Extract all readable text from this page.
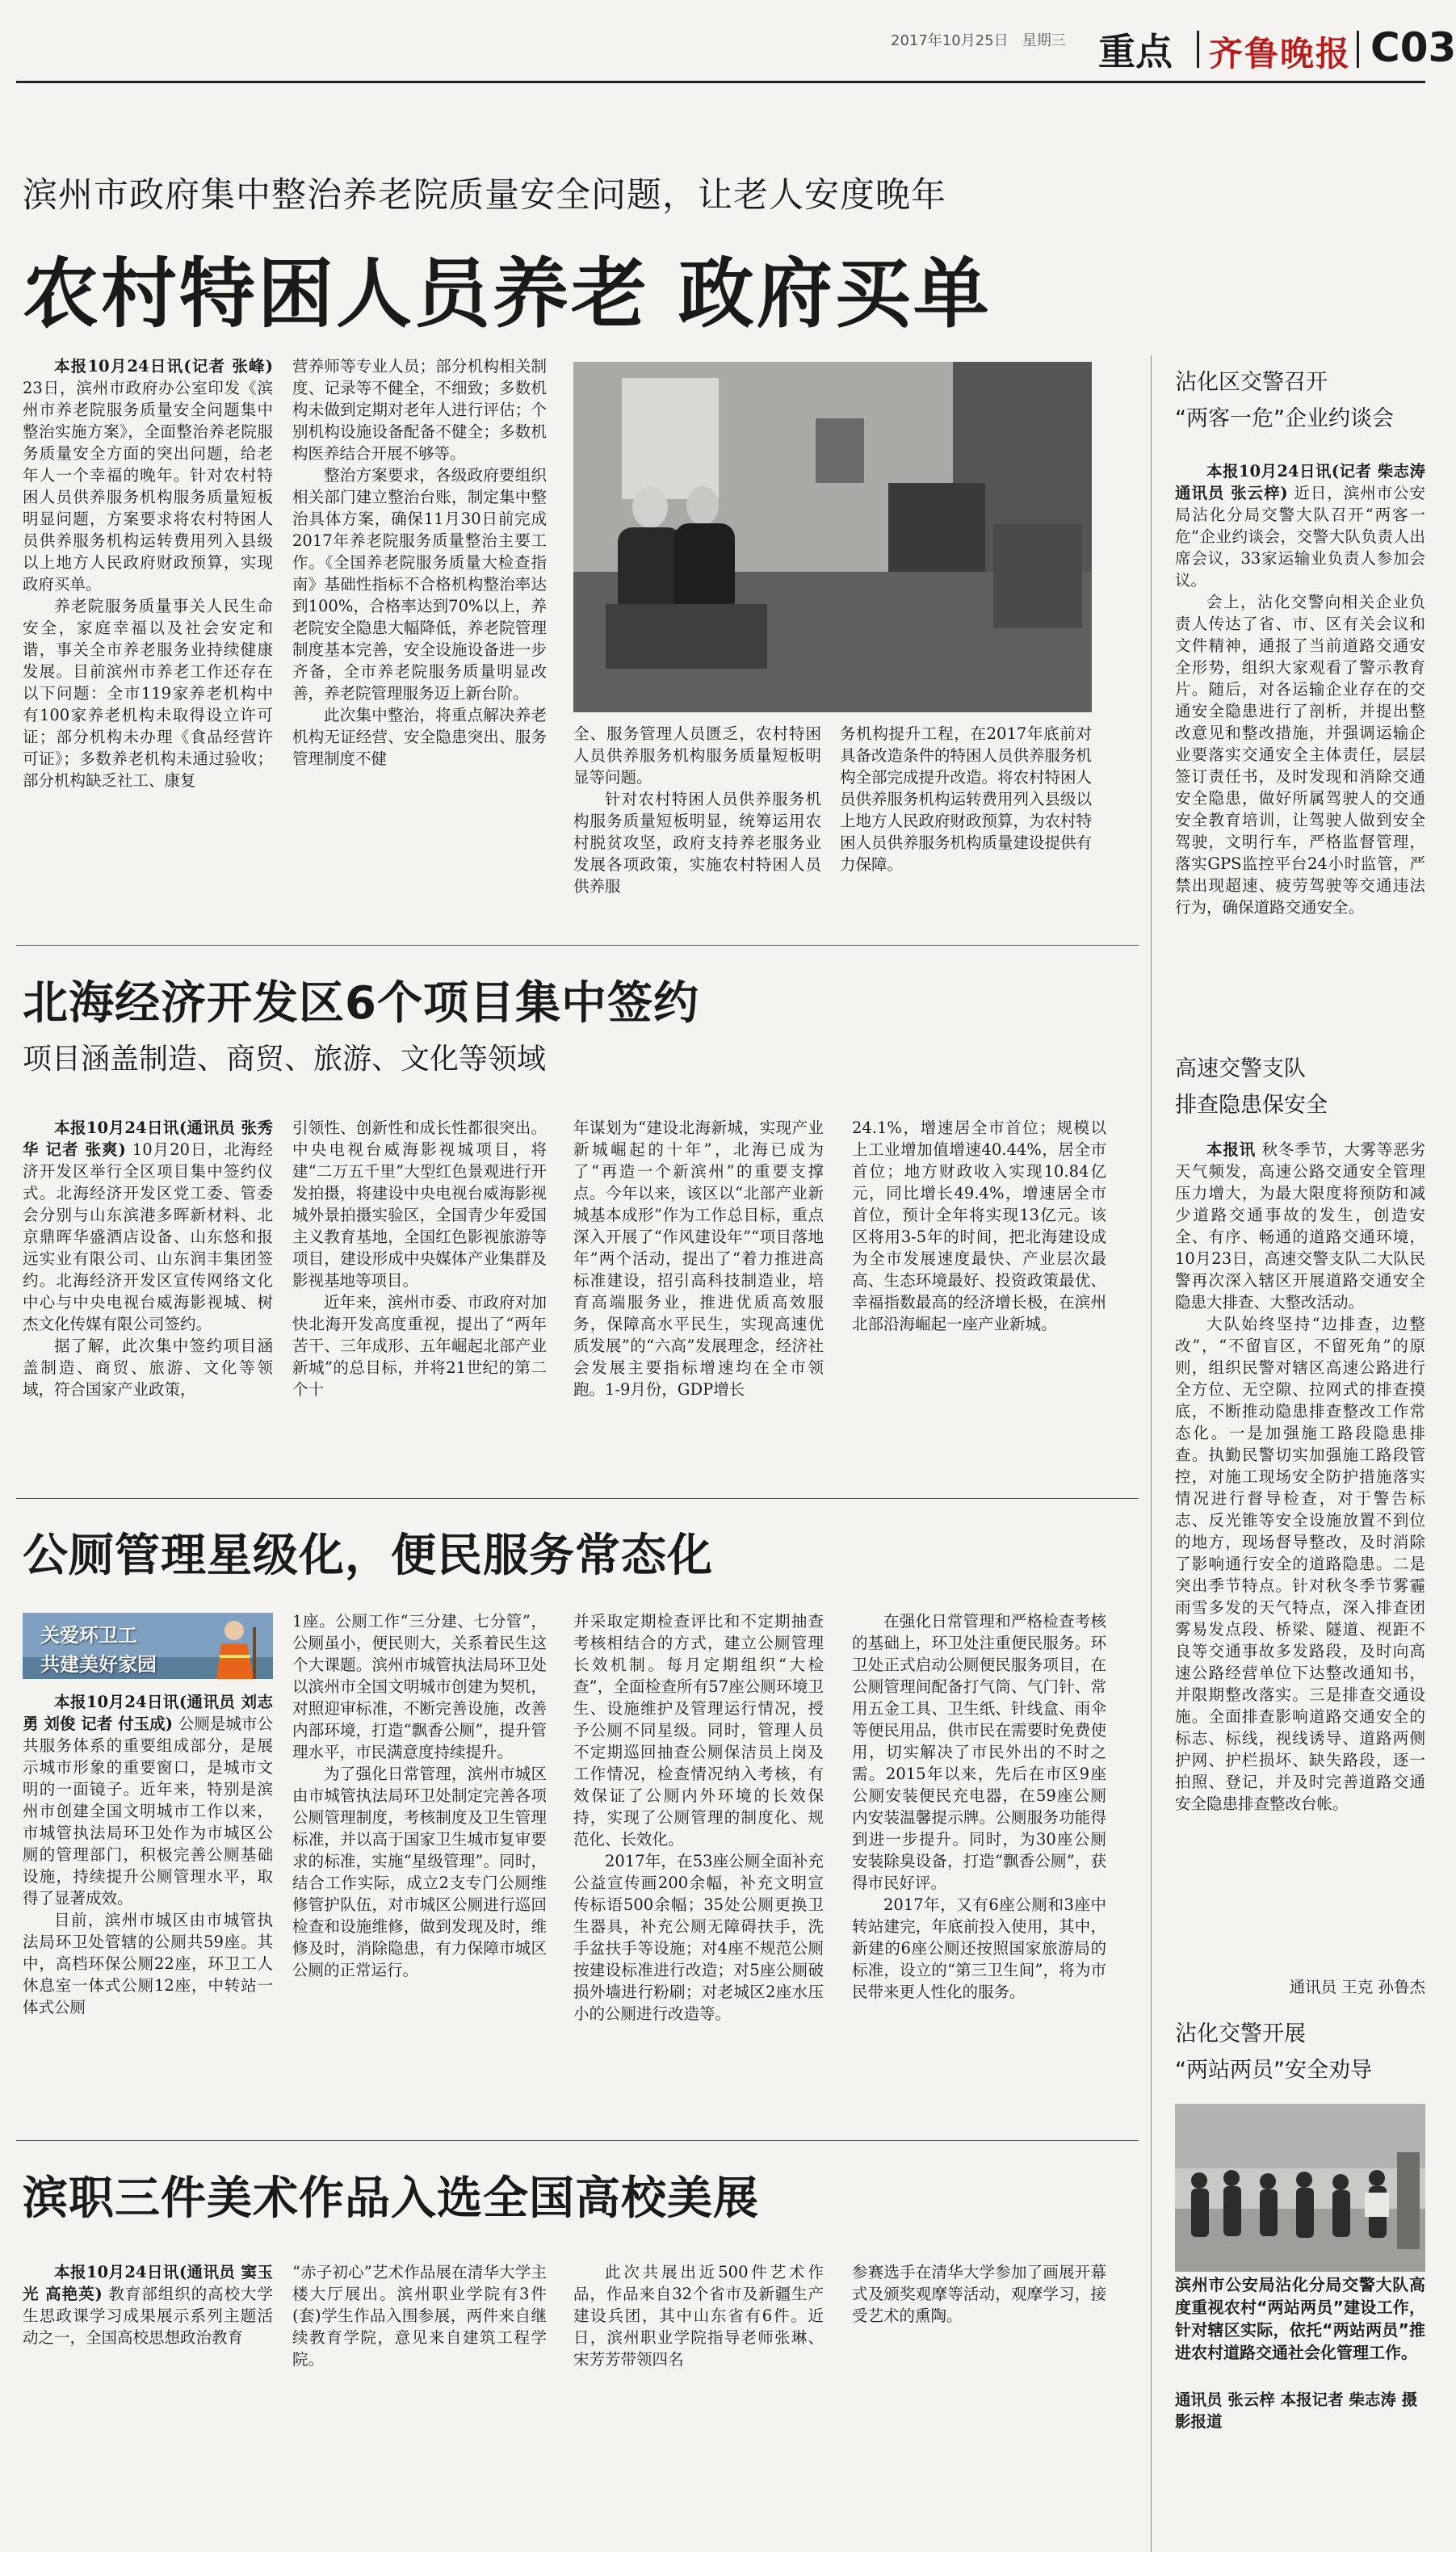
2017年10月25日 星期三 重点 齐鲁晚报 C03
滨州市政府集中整治养老院质量安全问题，让老人安度晚年
农村特困人员养老 政府买单

本报10月24日讯(记者 张峰) 23日，滨州市政府办公室印发《滨州市养老院服务质量安全问题集中整治实施方案》，全面整治养老院服务质量安全方面的突出问题，给老年人一个幸福的晚年。针对农村特困人员供养服务机构服务质量短板明显问题，方案要求将农村特困人员供养服务机构运转费用列入县级以上地方人民政府财政预算，实现政府买单。

养老院服务质量事关人民生命安全，家庭幸福以及社会安定和谐，事关全市养老服务业持续健康发展。目前滨州市养老工作还存在以下问题：全市119家养老机构中有100家养老机构未取得设立许可证；部分机构未办理《食品经营许可证》；多数养老机构未通过验收；部分机构缺乏社工、康复

营养师等专业人员；部分机构相关制度、记录等不健全，不细致；多数机构未做到定期对老年人进行评估；个别机构设施设备配备不健全；多数机构医养结合开展不够等。

整治方案要求，各级政府要组织相关部门建立整治台账，制定集中整治具体方案，确保11月30日前完成2017年养老院服务质量整治主要工作。《全国养老院服务质量大检查指南》基础性指标不合格机构整治率达到100%，合格率达到70%以上，养老院安全隐患大幅降低，养老院管理制度基本完善，安全设施设备进一步齐备，全市养老院服务质量明显改善，养老院管理服务迈上新台阶。

此次集中整治，将重点解决养老机构无证经营、安全隐患突出、服务管理制度不健

全、服务管理人员匮乏，农村特困人员供养服务机构服务质量短板明显等问题。

针对农村特困人员供养服务机构服务质量短板明显，统筹运用农村脱贫攻坚，政府支持养老服务业发展各项政策，实施农村特困人员供养服

务机构提升工程，在2017年底前对具备改造条件的特困人员供养服务机构全部完成提升改造。将农村特困人员供养服务机构运转费用列入县级以上地方人民政府财政预算，为农村特困人员供养服务机构质量建设提供有力保障。

沾化区交警召开
“两客一危”企业约谈会

本报10月24日讯(记者 柴志涛 通讯员 张云梓) 近日，滨州市公安局沾化分局交警大队召开“两客一危”企业约谈会，交警大队负责人出席会议，33家运输业负责人参加会议。

会上，沾化交警向相关企业负责人传达了省、市、区有关会议和文件精神，通报了当前道路交通安全形势，组织大家观看了警示教育片。随后，对各运输企业存在的交通安全隐患进行了剖析，并提出整改意见和整改措施，并强调运输企业要落实交通安全主体责任，层层签订责任书，及时发现和消除交通安全隐患，做好所属驾驶人的交通安全教育培训，让驾驶人做到安全驾驶，文明行车，严格监督管理，落实GPS监控平台24小时监管，严禁出现超速、疲劳驾驶等交通违法行为，确保道路交通安全。

高速交警支队
排查隐患保安全

本报讯 秋冬季节，大雾等恶劣天气频发，高速公路交通安全管理压力增大，为最大限度将预防和减少道路交通事故的发生，创造安全、有序、畅通的道路交通环境，10月23日，高速交警支队二大队民警再次深入辖区开展道路交通安全隐患大排查、大整改活动。

大队始终坚持“边排查，边整改”，“不留盲区，不留死角”的原则，组织民警对辖区高速公路进行全方位、无空隙、拉网式的排查摸底，不断推动隐患排查整改工作常态化。一是加强施工路段隐患排查。执勤民警切实加强施工路段管控，对施工现场安全防护措施落实情况进行督导检查，对于警告标志、反光锥等安全设施放置不到位的地方，现场督导整改，及时消除了影响通行安全的道路隐患。二是突出季节特点。针对秋冬季节雾霾雨雪多发的天气特点，深入排查团雾易发点段、桥梁、隧道、视距不良等交通事故多发路段，及时向高速公路经营单位下达整改通知书，并限期整改落实。三是排查交通设施。全面排查影响道路交通安全的标志、标线，视线诱导、道路两侧护网、护栏损坏、缺失路段，逐一拍照、登记，并及时完善道路交通安全隐患排查整改台帐。

通讯员 王克 孙鲁杰
沾化交警开展
“两站两员”安全劝导
滨州市公安局沾化分局交警大队高度重视农村“两站两员”建设工作，针对辖区实际，依托“两站两员”推进农村道路交通社会化管理工作。
通讯员 张云梓 本报记者 柴志涛 摄影报道
北海经济开发区6个项目集中签约
项目涵盖制造、商贸、旅游、文化等领域

本报10月24日讯(通讯员 张秀华 记者 张爽) 10月20日，北海经济开发区举行全区项目集中签约仪式。北海经济开发区党工委、管委会分别与山东滨港多晖新材料、北京鼎晖华盛酒店设备、山东悠和报远实业有限公司、山东润丰集团签约。北海经济开发区宣传网络文化中心与中央电视台威海影视城、树杰文化传媒有限公司签约。

据了解，此次集中签约项目涵盖制造、商贸、旅游、文化等领域，符合国家产业政策，

引领性、创新性和成长性都很突出。中央电视台威海影视城项目，将建“二万五千里”大型红色景观进行开发拍摄，将建设中央电视台威海影视城外景拍摄实验区，全国青少年爱国主义教育基地，全国红色影视旅游等项目，建设形成中央媒体产业集群及影视基地等项目。

近年来，滨州市委、市政府对加快北海开发高度重视，提出了“两年苦干、三年成形、五年崛起北部产业新城”的总目标，并将21世纪的第二个十

年谋划为“建设北海新城，实现产业新城崛起的十年”，北海已成为了“再造一个新滨州”的重要支撑点。今年以来，该区以“北部产业新城基本成形”作为工作总目标，重点深入开展了“作风建设年”“项目落地年”两个活动，提出了“着力推进高标准建设，招引高科技制造业，培育高端服务业，推进优质高效服务，保障高水平民生，实现高速优质发展”的“六高”发展理念，经济社会发展主要指标增速均在全市领跑。1-9月份，GDP增长

24.1%，增速居全市首位；规模以上工业增加值增速40.44%，居全市首位；地方财政收入实现10.84亿元，同比增长49.4%，增速居全市首位，预计全年将实现13亿元。该区将用3-5年的时间，把北海建设成为全市发展速度最快、产业层次最高、生态环境最好、投资政策最优、幸福指数最高的经济增长极，在滨州北部沿海崛起一座产业新城。

公厕管理星级化，便民服务常态化
关爱环卫工
共建美好家园

本报10月24日讯(通讯员 刘志勇 刘俊 记者 付玉成) 公厕是城市公共服务体系的重要组成部分，是展示城市形象的重要窗口，是城市文明的一面镜子。近年来，特别是滨州市创建全国文明城市工作以来，市城管执法局环卫处作为市城区公厕的管理部门，积极完善公厕基础设施，持续提升公厕管理水平，取得了显著成效。

目前，滨州市城区由市城管执法局环卫处管辖的公厕共59座。其中，高档环保公厕22座，环卫工人休息室一体式公厕12座，中转站一体式公厕

1座。公厕工作“三分建、七分管”，公厕虽小，便民则大，关系着民生这个大课题。滨州市城管执法局环卫处以滨州市全国文明城市创建为契机，对照迎审标准，不断完善设施，改善内部环境，打造“飘香公厕”，提升管理水平，市民满意度持续提升。

为了强化日常管理，滨州市城区由市城管执法局环卫处制定完善各项公厕管理制度，考核制度及卫生管理标准，并以高于国家卫生城市复审要求的标准，实施“星级管理”。同时，结合工作实际，成立2支专门公厕维修管护队伍，对市城区公厕进行巡回检查和设施维修，做到发现及时，维修及时，消除隐患，有力保障市城区公厕的正常运行。

并采取定期检查评比和不定期抽查考核相结合的方式，建立公厕管理长效机制。每月定期组织“大检查”，全面检查所有57座公厕环境卫生、设施维护及管理运行情况，授予公厕不同星级。同时，管理人员不定期巡回抽查公厕保洁员上岗及工作情况，检查情况纳入考核，有效保证了公厕内外环境的长效保持，实现了公厕管理的制度化、规范化、长效化。

2017年，在53座公厕全面补充公益宣传画200余幅，补充文明宣传标语500余幅；35处公厕更换卫生器具，补充公厕无障碍扶手，洗手盆扶手等设施；对4座不规范公厕按建设标准进行改造；对5座公厕破损外墙进行粉刷；对老城区2座水压小的公厕进行改造等。

在强化日常管理和严格检查考核的基础上，环卫处注重便民服务。环卫处正式启动公厕便民服务项目，在公厕管理间配备打气筒、气门针、常用五金工具、卫生纸、针线盒、雨伞等便民用品，供市民在需要时免费使用，切实解决了市民外出的不时之需。2015年以来，先后在市区9座公厕安装便民充电器，在59座公厕内安装温馨提示牌。公厕服务功能得到进一步提升。同时，为30座公厕安装除臭设备，打造“飘香公厕”，获得市民好评。

2017年，又有6座公厕和3座中转站建完，年底前投入使用，其中，新建的6座公厕还按照国家旅游局的标准，设立的“第三卫生间”，将为市民带来更人性化的服务。

滨职三件美术作品入选全国高校美展

本报10月24日讯(通讯员 窦玉光 高艳英) 教育部组织的高校大学生思政课学习成果展示系列主题活动之一，全国高校思想政治教育

“赤子初心”艺术作品展在清华大学主楼大厅展出。滨州职业学院有3件(套)学生作品入围参展，两件来自继续教育学院，意见来自建筑工程学院。

此次共展出近500件艺术作品，作品来自32个省市及新疆生产建设兵团，其中山东省有6件。近日，滨州职业学院指导老师张琳、宋芳芳带领四名

参赛选手在清华大学参加了画展开幕式及颁奖观摩等活动，观摩学习，接受艺术的熏陶。
